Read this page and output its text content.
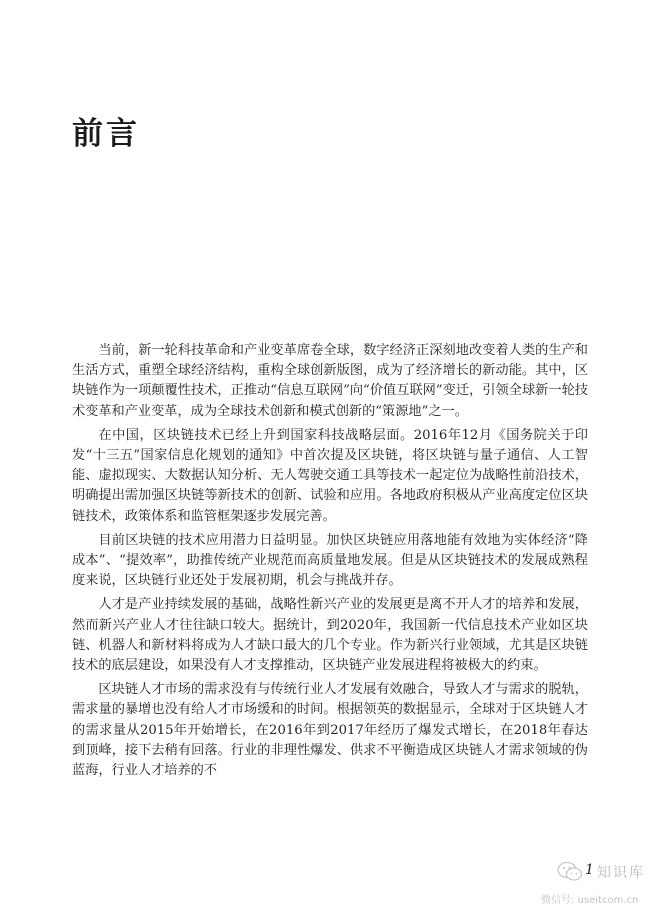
前言

当前，新一轮科技革命和产业变革席卷全球，数字经济正深刻地改变着人类的生产和生活方式，重塑全球经济结构，重构全球创新版图，成为了经济增长的新动能。其中，区块链作为一项颠覆性技术，正推动“信息互联网”向“价值互联网”变迁，引领全球新一轮技术变革和产业变革，成为全球技术创新和模式创新的“策源地”之一。

在中国，区块链技术已经上升到国家科技战略层面。2016年12月《国务院关于印发“十三五”国家信息化规划的通知》中首次提及区块链，将区块链与量子通信、人工智能、虚拟现实、大数据认知分析、无人驾驶交通工具等技术一起定位为战略性前沿技术，明确提出需加强区块链等新技术的创新、试验和应用。各地政府积极从产业高度定位区块链技术，政策体系和监管框架逐步发展完善。

目前区块链的技术应用潜力日益明显。加快区块链应用落地能有效地为实体经济“降成本”、“提效率”，助推传统产业规范而高质量地发展。但是从区块链技术的发展成熟程度来说，区块链行业还处于发展初期，机会与挑战并存。

人才是产业持续发展的基础，战略性新兴产业的发展更是离不开人才的培养和发展，然而新兴产业人才往往缺口较大。据统计，到2020年，我国新一代信息技术产业如区块链、机器人和新材料将成为人才缺口最大的几个专业。作为新兴行业领域，尤其是区块链技术的底层建设，如果没有人才支撑推动，区块链产业发展进程将被极大的约束。

区块链人才市场的需求没有与传统行业人才发展有效融合，导致人才与需求的脱轨，需求量的暴增也没有给人才市场缓和的时间。根据领英的数据显示，全球对于区块链人才的需求量从2015年开始增长，在2016年到2017年经历了爆发式增长，在2018年春达到顶峰，接下去稍有回落。行业的非理性爆发、供求不平衡造成区块链人才需求领域的伪蓝海，行业人才培养的不

1 知识库
微信号: useitcom.cn
